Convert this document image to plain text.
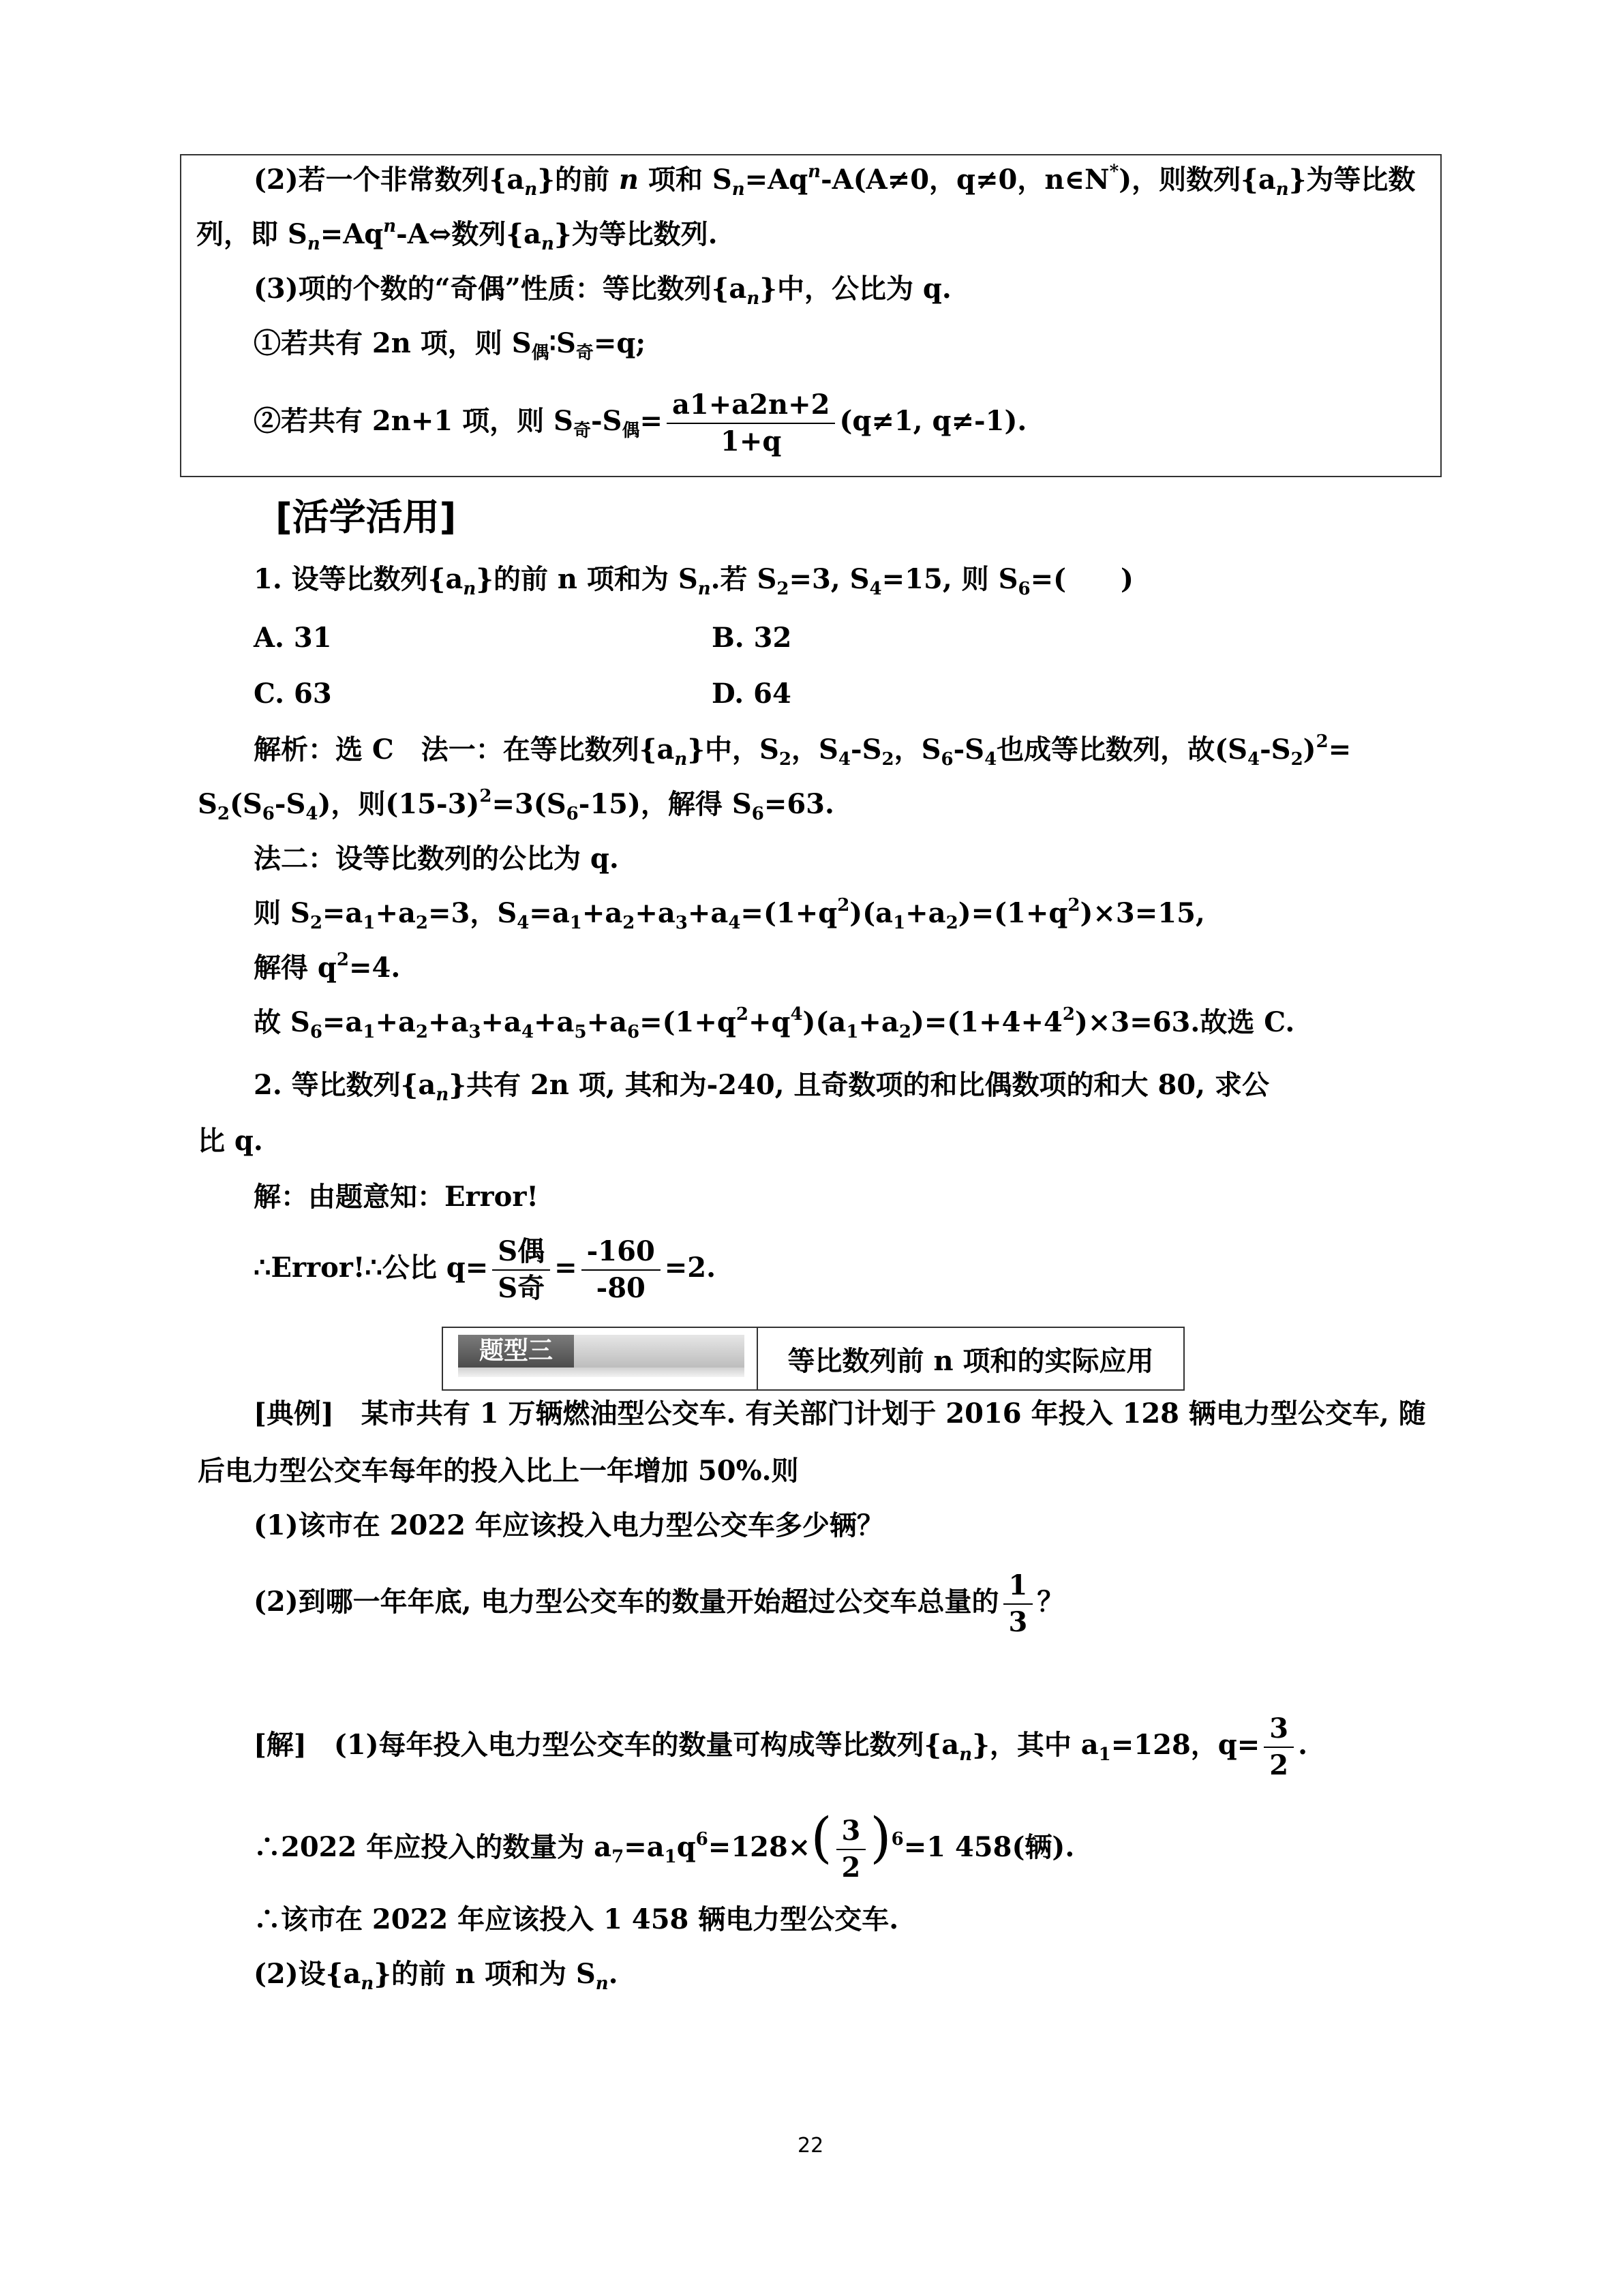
(2)若一个非常数列$\{a_n\}$的前 n 项和 $S_n=Aq^n-A(A\ne 0$，q≠0，n∈N*)，则数列$\{a_n\}$为等比数
列，即 $S_n=Aq^n-A\Leftrightarrow$数列$\{a_n\}$为等比数列.
(3)项的个数的“奇偶”性质：等比数列$\{a_n\}$中，公比为 q.
①若共有 2n 项，则 $S_偶∶S_奇=q$;
②若共有 2n+1 项，则 $S_奇-S_偶= \frac{a1+a2n+2}{1+q} (q\ne 1$, q≠-1).
[活学活用]
1. 设等比数列$\{a_n\}$的前 n 项和为 $S_n$.若 $S_2=3$, $S_4=15$, 则 $S_6=$(　　)
A. 31	B. 32
C. 63	D. 64
解析：选 C　法一：在等比数列$\{a_n\}$中，$S_2$，$S_4-S_2$，$S_6-S_4$也成等比数列，故$(S_4-S_2)^2=$
$S_2(S_6-S_4)$，则$(15-3)^2=3(S_6-15)$，解得 $S_6=63$.
法二：设等比数列的公比为 q.
则 $S_2=a_1+a_2=3$，$S_4=a_1+a_2+a_3+a_4=(1+q^2)(a_1+a_2)=(1+q^2)\times 3=15$,
解得 $q^2=4$.
故 $S_6=a_1+a_2+a_3+a_4+a_5+a_6=(1+q^2+q^4)(a_1+a_2)=(1+4+4^2)\times 3=63$.故选 C.
2. 等比数列$\{a_n\}$共有 2n 项, 其和为-240, 且奇数项的和比偶数项的和大 80, 求公
比 q.
解：由题意知：Error!
∴Error!∴公比 $q= \frac{\text{S偶}}{\text{S奇}} = \frac{-160}{-80} =2$.
题型三	等比数列前 n 项和的实际应用
[典例]　某市共有 1 万辆燃油型公交车. 有关部门计划于 2016 年投入 128 辆电力型公交车, 随
后电力型公交车每年的投入比上一年增加 50%.则
(1)该市在 2022 年应该投入电力型公交车多少辆？
(2)到哪一年年底, 电力型公交车的数量开始超过公交车总量的 $\frac{1}{3}$ ？
[解]　(1)每年投入电力型公交车的数量可构成等比数列$\{a_n\}$，其中 $a_1=128$，$q= \frac{3}{2}$ .
∴2022 年应投入的数量为 $a_7=a_1q^6=128\times( \frac{3}{2} )^6=1$ 458(辆).
∴该市在 2022 年应该投入 1 458 辆电力型公交车.
(2)设$\{a_n\}$的前 n 项和为 $S_n$.
22
